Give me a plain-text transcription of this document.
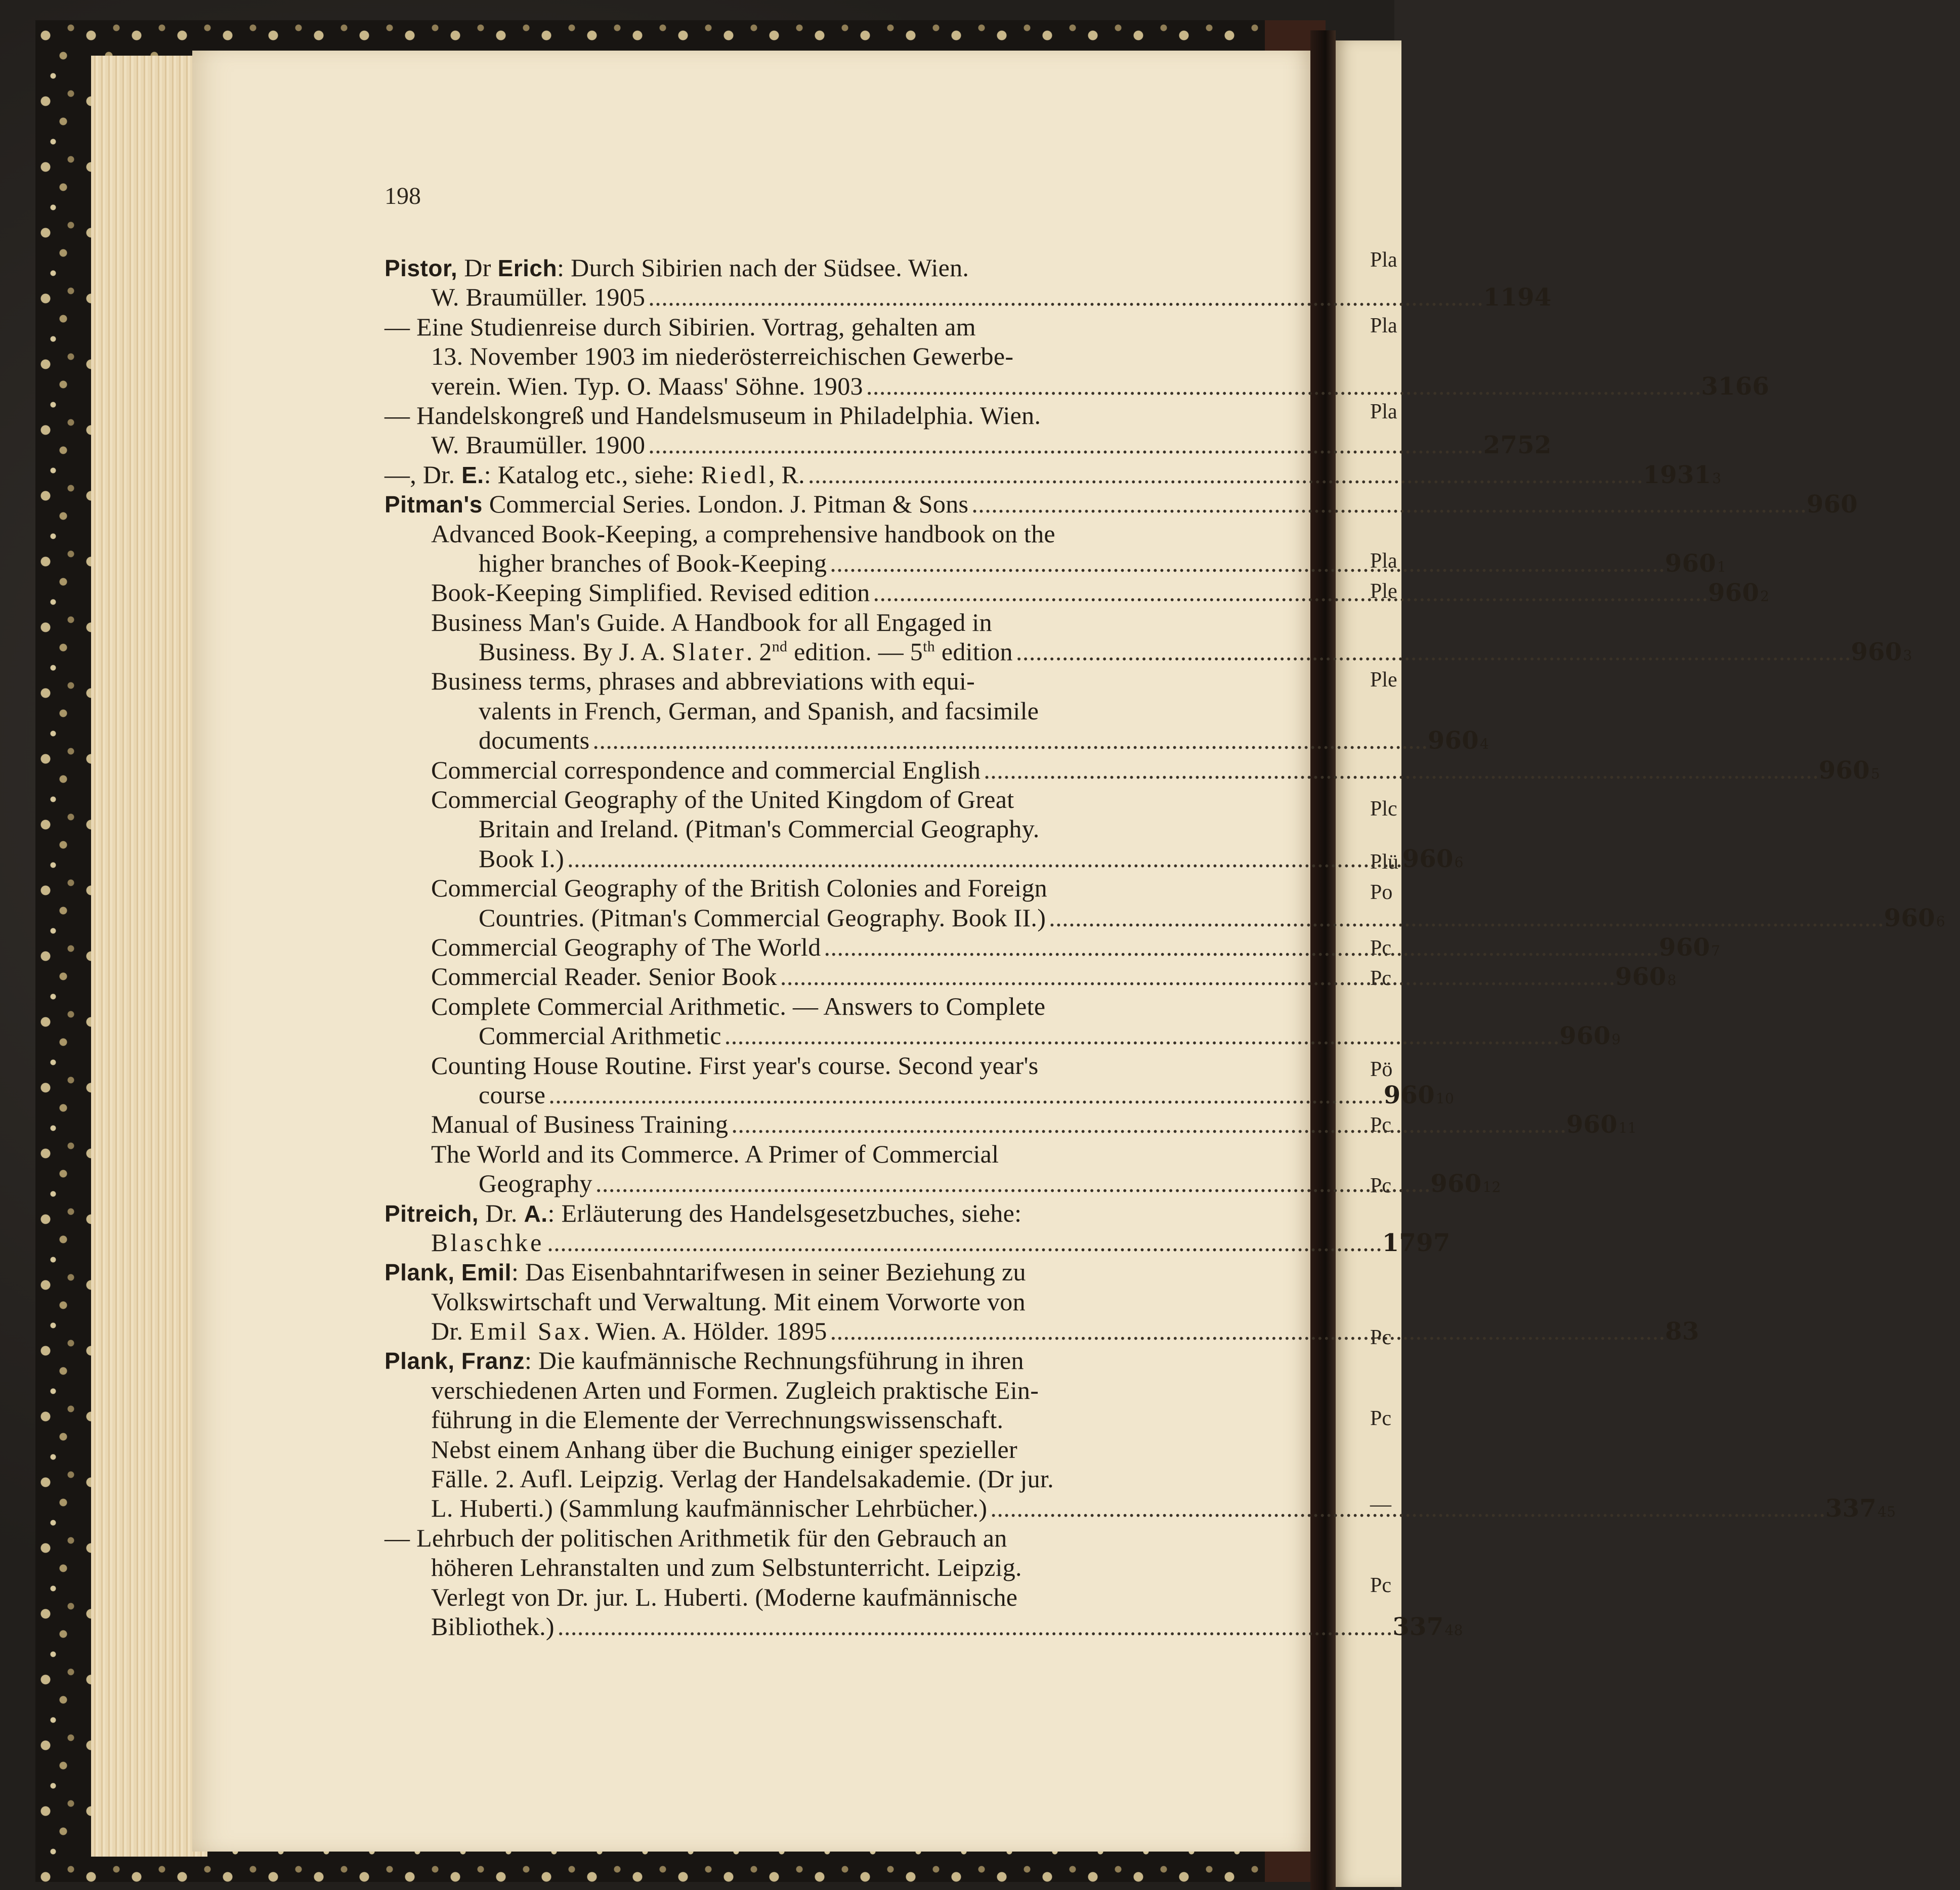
Pla
Pla
Pla
Pla
Ple
Ple
Plc
Plü
Po
Pc
Pc
Pö
Pc
Pc
Pc
Pc
—
Pc
198
Pistor, Dr Erich: Durch Sibirien nach der Südsee. Wien.
W. Braumüller. 1905 . . .	1194
— Eine Studienreise durch Sibirien. Vortrag, gehalten am
13. November 1903 im niederösterreichischen Gewerbe-
verein. Wien. Typ. O. Maass' Söhne. 1903 . . .	3166
— Handelskongreß und Handelsmuseum in Philadelphia. Wien.
W. Braumüller. 1900 . . .	2752
—, Dr. E.: Katalog etc., siehe: Riedl, R. . . .	19313
Pitman's Commercial Series. London. J. Pitman & Sons . . .	960
Advanced Book-Keeping, a comprehensive handbook on the
higher branches of Book-Keeping . . .	9601
Book-Keeping Simplified. Revised edition . . .	9602
Business Man's Guide. A Handbook for all Engaged in
Business. By J. A. Slater. 2nd edition. — 5th edition . . .	9603
Business terms, phrases and abbreviations with equi-
valents in French, German, and Spanish, and facsimile
documents . . .	9604
Commercial correspondence and commercial English . . .	9605
Commercial Geography of the United Kingdom of Great
Britain and Ireland. (Pitman's Commercial Geography.
Book I.) . . .	9606
Commercial Geography of the British Colonies and Foreign
Countries. (Pitman's Commercial Geography. Book II.) . . .	9606
Commercial Geography of The World . . .	9607
Commercial Reader. Senior Book . . .	9608
Complete Commercial Arithmetic. — Answers to Complete
Commercial Arithmetic . . .	9609
Counting House Routine. First year's course. Second year's
course . . .	96010
Manual of Business Training . . .	96011
The World and its Commerce. A Primer of Commercial
Geography . . .	96012
Pitreich, Dr. A.: Erläuterung des Handelsgesetzbuches, siehe:
Blaschke . . .	1797
Plank, Emil: Das Eisenbahntarifwesen in seiner Beziehung zu
Volkswirtschaft und Verwaltung. Mit einem Vorworte von
Dr. Emil Sax. Wien. A. Hölder. 1895 . . .	83
Plank, Franz: Die kaufmännische Rechnungsführung in ihren
verschiedenen Arten und Formen. Zugleich praktische Ein-
führung in die Elemente der Verrechnungswissenschaft.
Nebst einem Anhang über die Buchung einiger spezieller
Fälle. 2. Aufl. Leipzig. Verlag der Handelsakademie. (Dr jur.
L. Huberti.) (Sammlung kaufmännischer Lehrbücher.) . . .	33745
— Lehrbuch der politischen Arithmetik für den Gebrauch an
höheren Lehranstalten und zum Selbstunterricht. Leipzig.
Verlegt von Dr. jur. L. Huberti. (Moderne kaufmännische
Bibliothek.) . . .	33748
